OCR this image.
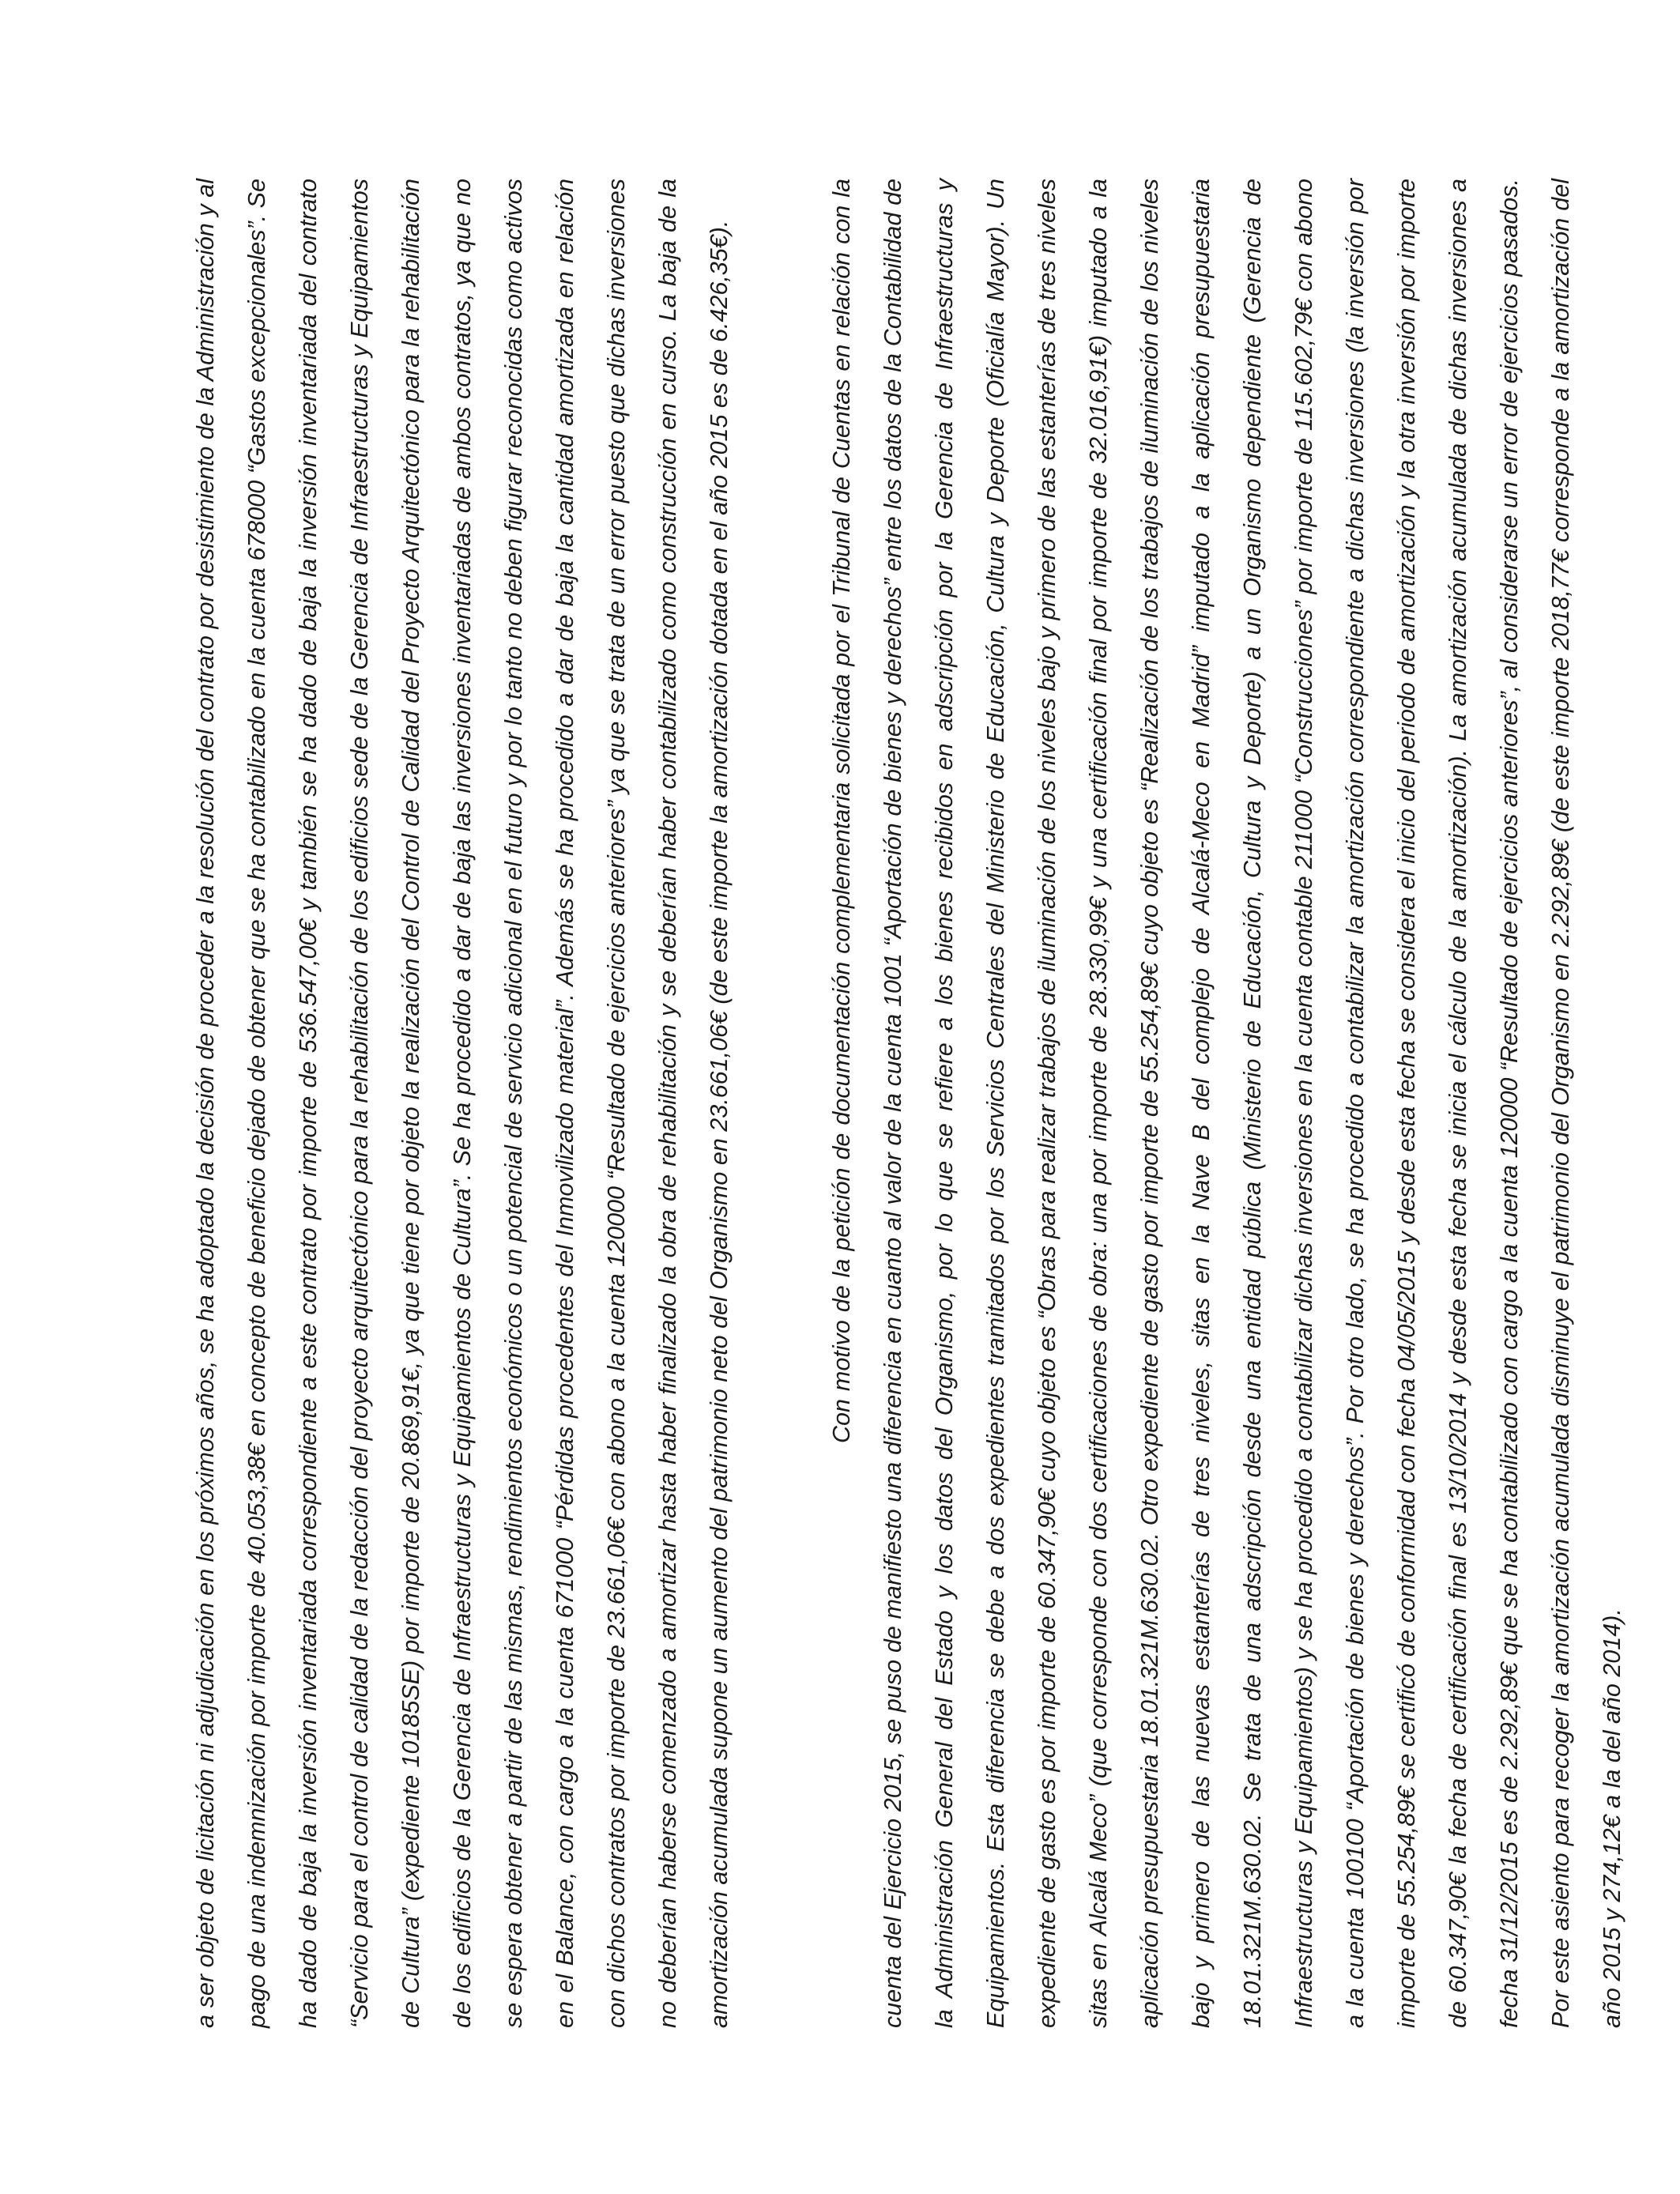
a ser objeto de licitación ni adjudicación en los próximos años, se ha adoptado la decisión de proceder a la resolución del contrato por desistimiento de la Administración y al pago de una indemnización por importe de 40.053,38€ en concepto de beneficio dejado de obtener que se ha contabilizado en la cuenta 678000 “Gastos excepcionales”. Se ha dado de baja la inversión inventariada correspondiente a este contrato por importe de 536.547,00€ y también se ha dado de baja la inversión inventariada del contrato “Servicio para el control de calidad de la redacción del proyecto arquitectónico para la rehabilitación de los edificios sede de la Gerencia de Infraestructuras y Equipamientos de Cultura” (expediente 10185SE) por importe de 20.869,91€, ya que tiene por objeto la realización del Control de Calidad del Proyecto Arquitectónico para la rehabilitación de los edificios de la Gerencia de Infraestructuras y Equipamientos de Cultura”. Se ha procedido a dar de baja las inversiones inventariadas de ambos contratos, ya que no se espera obtener a partir de las mismas, rendimientos económicos o un potencial de servicio adicional en el futuro y por lo tanto no deben figurar reconocidas como activos en el Balance, con cargo a la cuenta 671000 “Pérdidas procedentes del Inmovilizado material”. Además se ha procedido a dar de baja la cantidad amortizada en relación con dichos contratos por importe de 23.661,06€ con abono a la cuenta 120000 “Resultado de ejercicios anteriores” ya que se trata de un error puesto que dichas inversiones no deberían haberse comenzado a amortizar hasta haber finalizado la obra de rehabilitación y se deberían haber contabilizado como construcción en curso. La baja de la amortización acumulada supone un aumento del patrimonio neto del Organismo en 23.661,06€ (de este importe la amortización dotada en el año 2015 es de 6.426,35€).	Con motivo de la petición de documentación complementaria solicitada por el Tribunal de Cuentas en relación con la cuenta del Ejercicio 2015, se puso de manifiesto una diferencia en cuanto al valor de la cuenta 1001 “Aportación de bienes y derechos” entre los datos de la Contabilidad de la Administración General del Estado y los datos del Organismo, por lo que se refiere a los bienes recibidos en adscripción por la Gerencia de Infraestructuras y Equipamientos. Esta diferencia se debe a dos expedientes tramitados por los Servicios Centrales del Ministerio de Educación, Cultura y Deporte (Oficialía Mayor). Un expediente de gasto es por importe de 60.347,90€ cuyo objeto es “Obras para realizar trabajos de iluminación de los niveles bajo y primero de las estanterías de tres niveles sitas en Alcalá Meco” (que corresponde con dos certificaciones de obra: una por importe de 28.330,99€ y una certificación final por importe de 32.016,91€) imputado a la aplicación presupuestaria 18.01.321M.630.02. Otro expediente de gasto por importe de 55.254,89€ cuyo objeto es “Realización de los trabajos de iluminación de los niveles bajo y primero de las nuevas estanterías de tres niveles, sitas en la Nave B del complejo de Alcalá-Meco en Madrid” imputado a la aplicación presupuestaria 18.01.321M.630.02. Se trata de una adscripción desde una entidad pública (Ministerio de Educación, Cultura y Deporte) a un Organismo dependiente (Gerencia de Infraestructuras y Equipamientos) y se ha procedido a contabilizar dichas inversiones en la cuenta contable 211000 “Construcciones” por importe de 115.602,79€ con abono a la cuenta 100100 “Aportación de bienes y derechos”. Por otro lado, se ha procedido a contabilizar la amortización correspondiente a dichas inversiones (la inversión por importe de 55.254,89€ se certificó de conformidad con fecha 04/05/2015 y desde esta fecha se considera el inicio del periodo de amortización y la otra inversión por importe de 60.347,90€ la fecha de certificación final es 13/10/2014 y desde esta fecha se inicia el cálculo de la amortización). La amortización acumulada de dichas inversiones a fecha 31/12/2015 es de 2.292,89€ que se ha contabilizado con cargo a la cuenta 120000 “Resultado de ejercicios anteriores”, al considerarse un error de ejercicios pasados. Por este asiento para recoger la amortización acumulada disminuye el patrimonio del Organismo en 2.292,89€ (de este importe 2018,77€ corresponde a la amortización del año 2015 y 274,12€ a la del año 2014).
